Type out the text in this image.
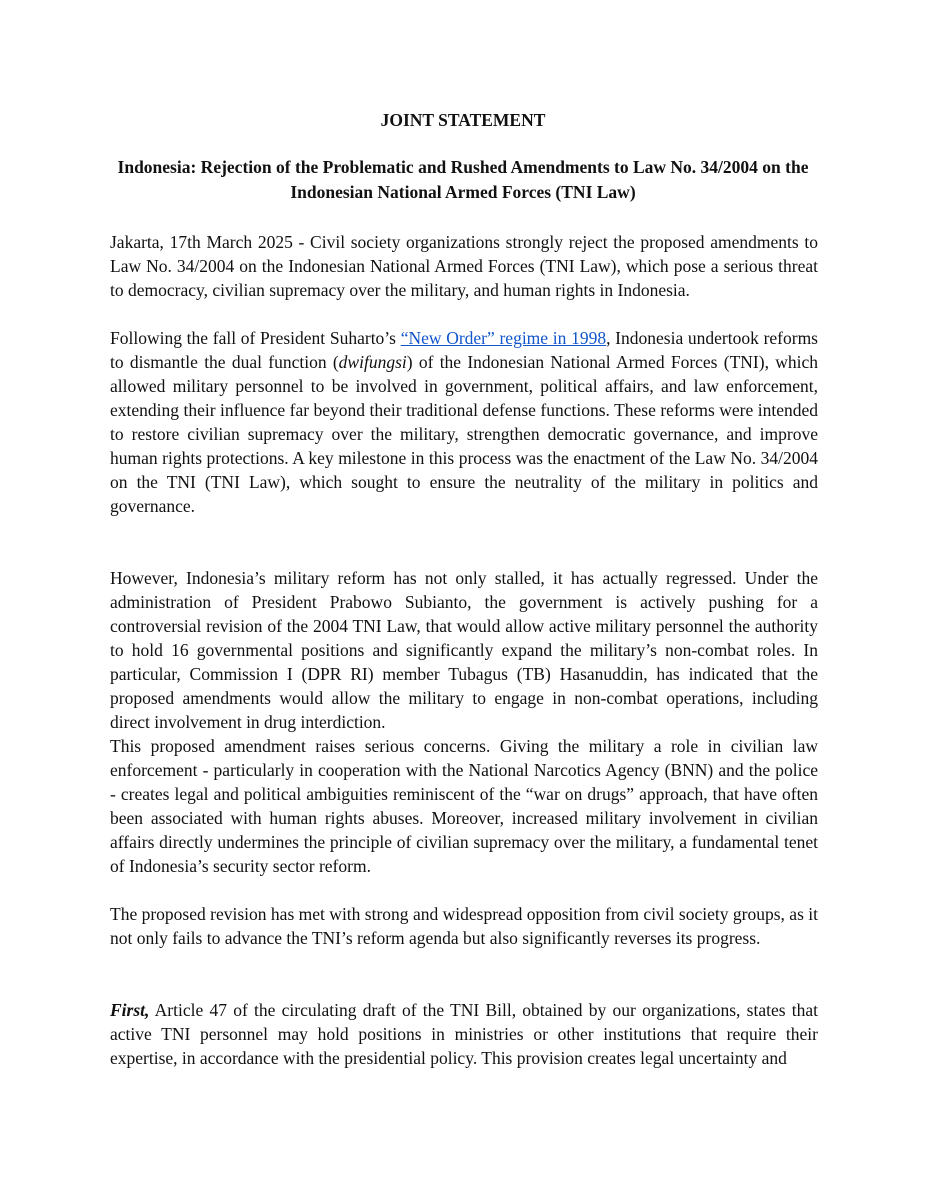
JOINT STATEMENT
Indonesia: Rejection of the Problematic and Rushed Amendments to Law No. 34/2004 on the Indonesian National Armed Forces (TNI Law)

Jakarta, 17th March 2025 - Civil society organizations strongly reject the proposed amendments to Law No. 34/2004 on the Indonesian National Armed Forces (TNI Law), which pose a serious threat to democracy, civilian supremacy over the military, and human rights in Indonesia.

Following the fall of President Suharto’s “New Order” regime in 1998, Indonesia undertook reforms to dismantle the dual function (dwifungsi) of the Indonesian National Armed Forces (TNI), which allowed military personnel to be involved in government, political affairs, and law enforcement, extending their influence far beyond their traditional defense functions. These reforms were intended to restore civilian supremacy over the military, strengthen democratic governance, and improve human rights protections. A key milestone in this process was the enactment of the Law No. 34/2004 on the TNI (TNI Law), which sought to ensure the neutrality of the military in politics and governance.

However, Indonesia’s military reform has not only stalled, it has actually regressed. Under the administration of President Prabowo Subianto, the government is actively pushing for a controversial revision of the 2004 TNI Law, that would allow active military personnel the authority to hold 16 governmental positions and significantly expand the military’s non-combat roles. In particular, Commission I (DPR RI) member Tubagus (TB) Hasanuddin, has indicated that the proposed amendments would allow the military to engage in non-combat operations, including direct involvement in drug interdiction.

This proposed amendment raises serious concerns. Giving the military a role in civilian law enforcement - particularly in cooperation with the National Narcotics Agency (BNN) and the police - creates legal and political ambiguities reminiscent of the “war on drugs” approach, that have often been associated with human rights abuses. Moreover, increased military involvement in civilian affairs directly undermines the principle of civilian supremacy over the military, a fundamental tenet of Indonesia’s security sector reform.

The proposed revision has met with strong and widespread opposition from civil society groups, as it not only fails to advance the TNI’s reform agenda but also significantly reverses its progress.

First, Article 47 of the circulating draft of the TNI Bill, obtained by our organizations, states that active TNI personnel may hold positions in ministries or other institutions that require their expertise, in accordance with the presidential policy. This provision creates legal uncertainty and
